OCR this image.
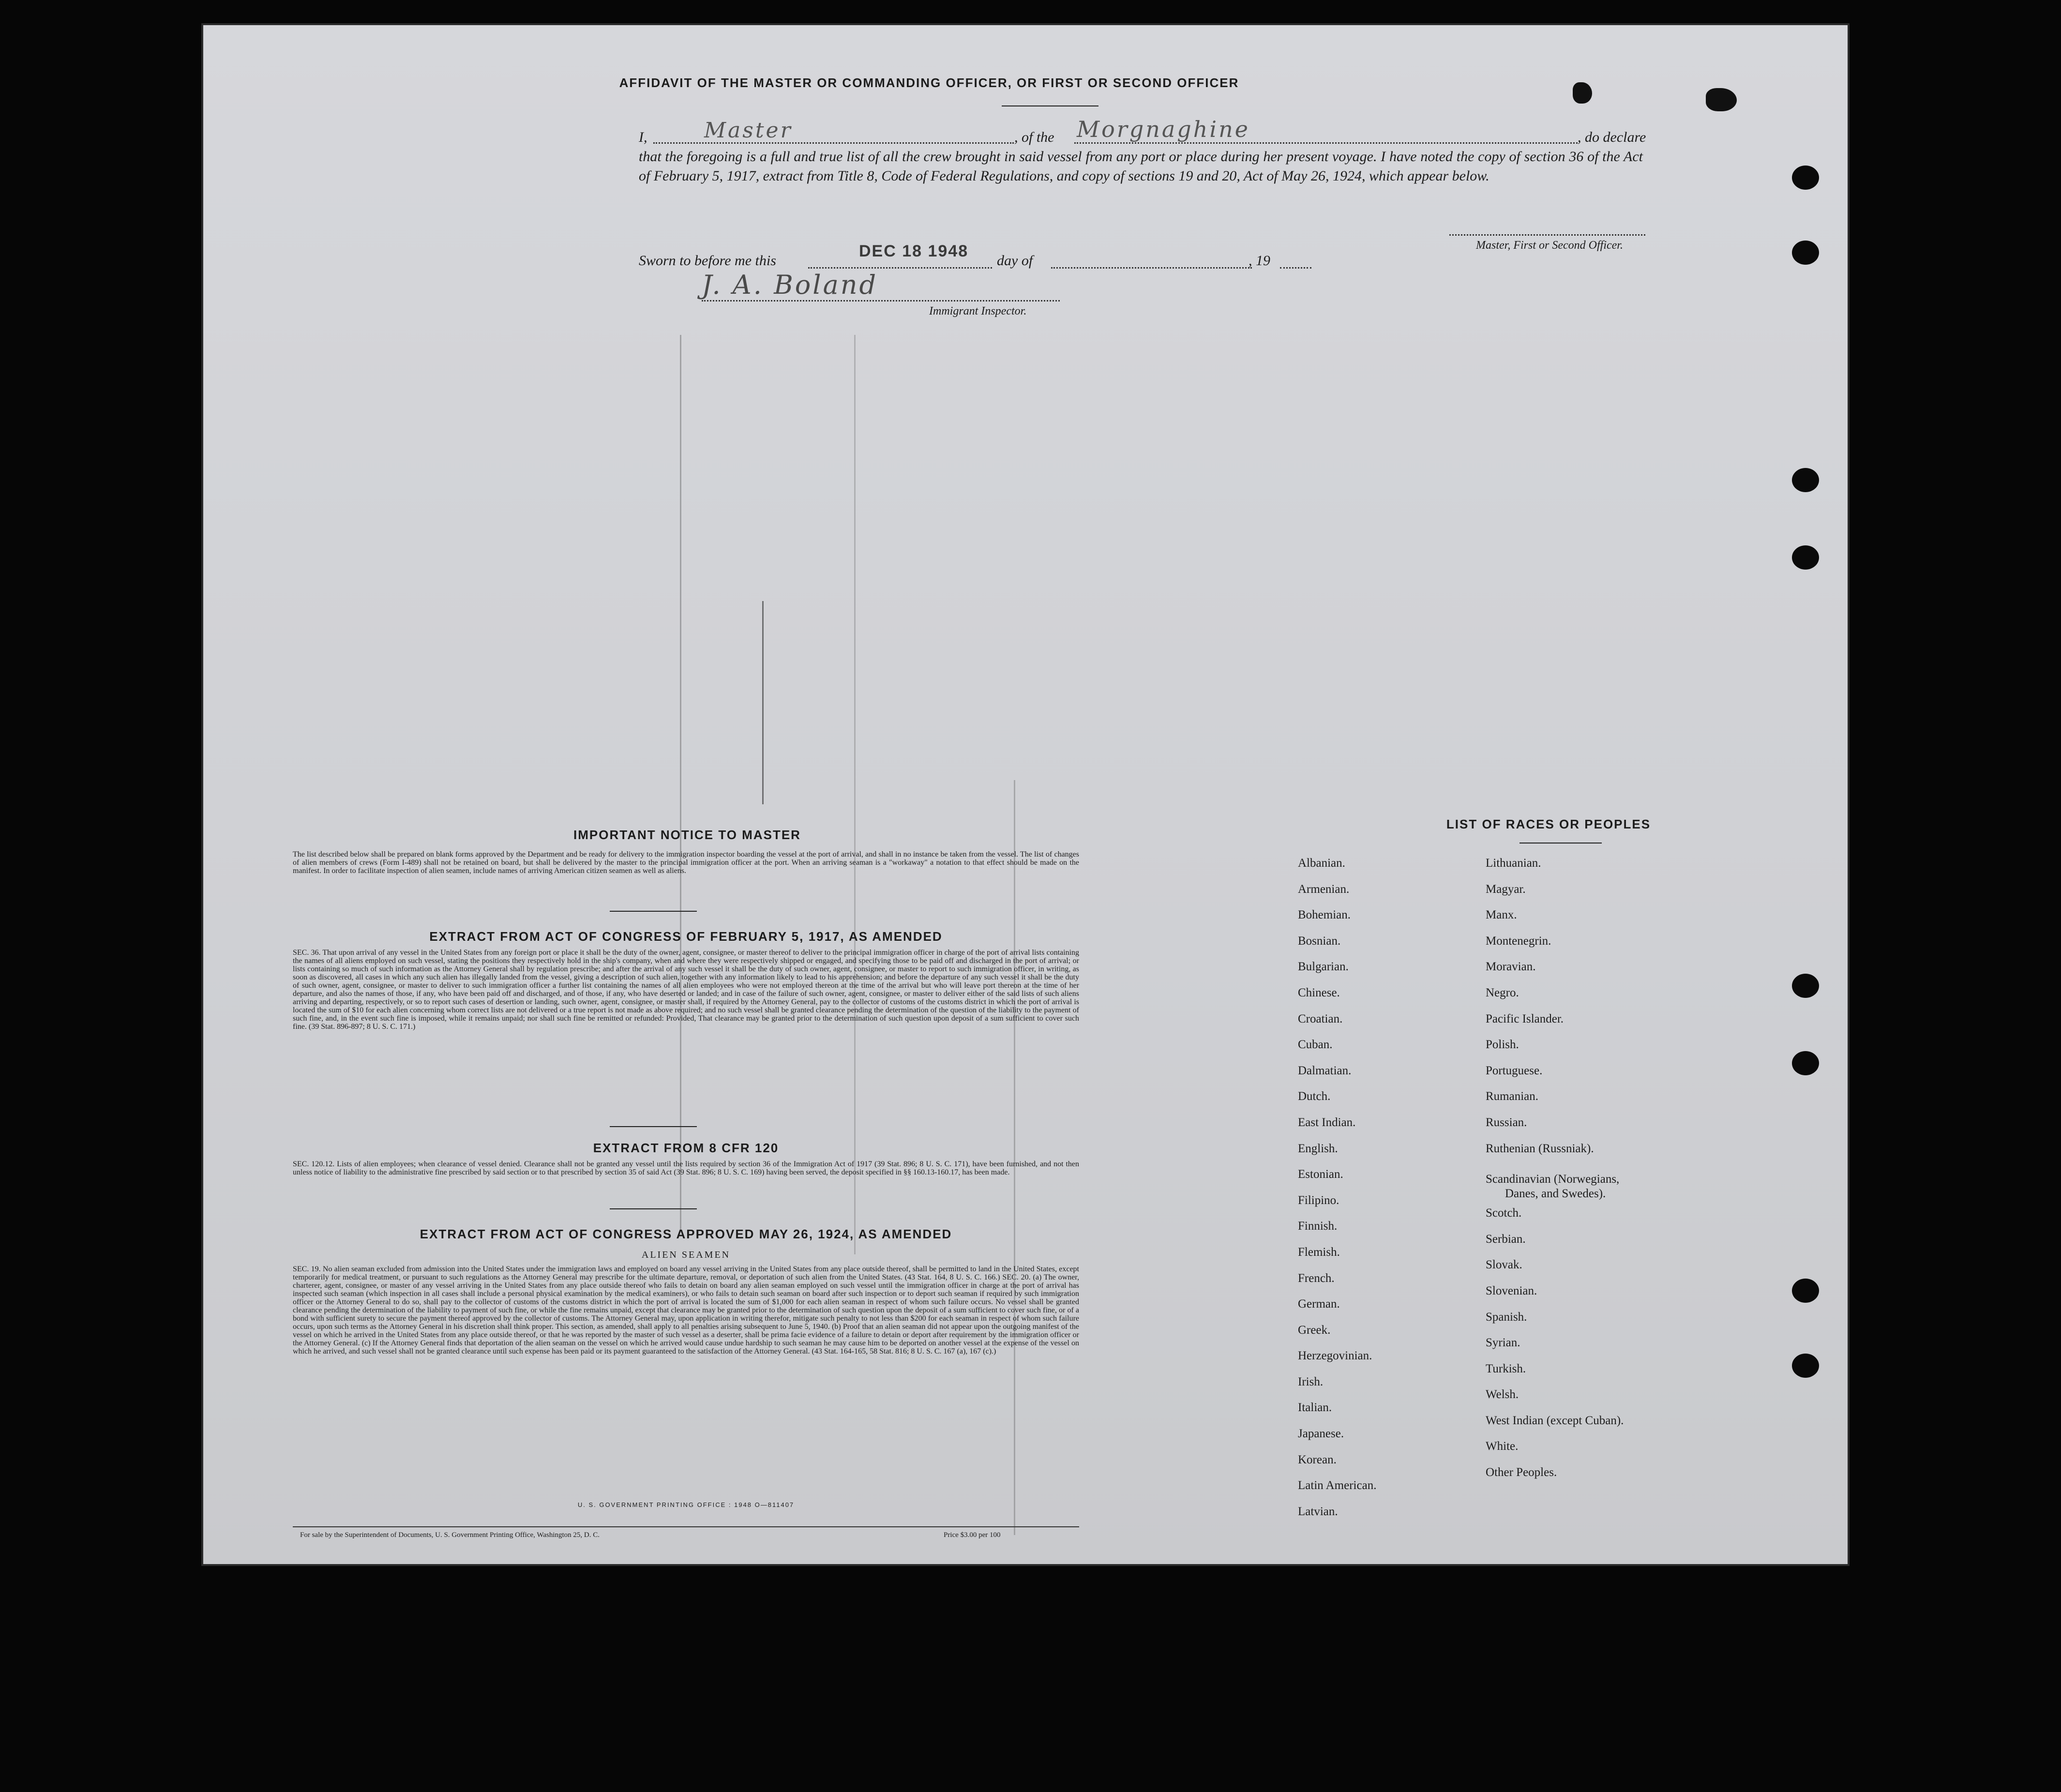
AFFIDAVIT OF THE MASTER OR COMMANDING OFFICER, OR FIRST OR SECOND OFFICER
I,	Master	, of the Morgnaghine	, do declare
that the foregoing is a full and true list of all the crew brought in said vessel from any port or place during her present voyage. I have noted the copy of section 36 of the Act of February 5, 1917, extract from Title 8, Code of Federal Regulations, and copy of sections 19 and 20, Act of May 26, 1924, which appear below.
Master, First or Second Officer.
Sworn to before me this
DEC 18 1948
day of	, 19
J. A. Boland
Immigrant Inspector.
IMPORTANT NOTICE TO MASTER
The list described below shall be prepared on blank forms approved by the Department and be ready for delivery to the immigration inspector boarding the vessel at the port of arrival, and shall in no instance be taken from the vessel. The list of changes of alien members of crews (Form I-489) shall not be retained on board, but shall be delivered by the master to the principal immigration officer at the port. When an arriving seaman is a "workaway" a notation to that effect should be made on the manifest. In order to facilitate inspection of alien seamen, include names of arriving American citizen seamen as well as aliens.
EXTRACT FROM ACT OF CONGRESS OF FEBRUARY 5, 1917, AS AMENDED
SEC. 36. That upon arrival of any vessel in the United States from any foreign port or place it shall be the duty of the owner, agent, consignee, or master thereof to deliver to the principal immigration officer in charge of the port of arrival lists containing the names of all aliens employed on such vessel, stating the positions they respectively hold in the ship's company, when and where they were respectively shipped or engaged, and specifying those to be paid off and discharged in the port of arrival; or lists containing so much of such information as the Attorney General shall by regulation prescribe; and after the arrival of any such vessel it shall be the duty of such owner, agent, consignee, or master to report to such immigration officer, in writing, as soon as discovered, all cases in which any such alien has illegally landed from the vessel, giving a description of such alien, together with any information likely to lead to his apprehension; and before the departure of any such vessel it shall be the duty of such owner, agent, consignee, or master to deliver to such immigration officer a further list containing the names of all alien employees who were not employed thereon at the time of the arrival but who will leave port thereon at the time of her departure, and also the names of those, if any, who have been paid off and discharged, and of those, if any, who have deserted or landed; and in case of the failure of such owner, agent, consignee, or master to deliver either of the said lists of such aliens arriving and departing, respectively, or so to report such cases of desertion or landing, such owner, agent, consignee, or master shall, if required by the Attorney General, pay to the collector of customs of the customs district in which the port of arrival is located the sum of $10 for each alien concerning whom correct lists are not delivered or a true report is not made as above required; and no such vessel shall be granted clearance pending the determination of the question of the liability to the payment of such fine, and, in the event such fine is imposed, while it remains unpaid; nor shall such fine be remitted or refunded: Provided, That clearance may be granted prior to the determination of such question upon deposit of a sum sufficient to cover such fine. (39 Stat. 896-897; 8 U. S. C. 171.)
EXTRACT FROM 8 CFR 120
SEC. 120.12. Lists of alien employees; when clearance of vessel denied. Clearance shall not be granted any vessel until the lists required by section 36 of the Immigration Act of 1917 (39 Stat. 896; 8 U. S. C. 171), have been furnished, and not then unless notice of liability to the administrative fine prescribed by said section or to that prescribed by section 35 of said Act (39 Stat. 896; 8 U. S. C. 169) having been served, the deposit specified in §§ 160.13-160.17, has been made.
EXTRACT FROM ACT OF CONGRESS APPROVED MAY 26, 1924, AS AMENDED
ALIEN SEAMEN
SEC. 19. No alien seaman excluded from admission into the United States under the immigration laws and employed on board any vessel arriving in the United States from any place outside thereof, shall be permitted to land in the United States, except temporarily for medical treatment, or pursuant to such regulations as the Attorney General may prescribe for the ultimate departure, removal, or deportation of such alien from the United States. (43 Stat. 164, 8 U. S. C. 166.) SEC. 20. (a) The owner, charterer, agent, consignee, or master of any vessel arriving in the United States from any place outside thereof who fails to detain on board any alien seaman employed on such vessel until the immigration officer in charge at the port of arrival has inspected such seaman (which inspection in all cases shall include a personal physical examination by the medical examiners), or who fails to detain such seaman on board after such inspection or to deport such seaman if required by such immigration officer or the Attorney General to do so, shall pay to the collector of customs of the customs district in which the port of arrival is located the sum of $1,000 for each alien seaman in respect of whom such failure occurs. No vessel shall be granted clearance pending the determination of the liability to payment of such fine, or while the fine remains unpaid, except that clearance may be granted prior to the determination of such question upon the deposit of a sum sufficient to cover such fine, or of a bond with sufficient surety to secure the payment thereof approved by the collector of customs. The Attorney General may, upon application in writing therefor, mitigate such penalty to not less than $200 for each seaman in respect of whom such failure occurs, upon such terms as the Attorney General in his discretion shall think proper. This section, as amended, shall apply to all penalties arising subsequent to June 5, 1940. (b) Proof that an alien seaman did not appear upon the outgoing manifest of the vessel on which he arrived in the United States from any place outside thereof, or that he was reported by the master of such vessel as a deserter, shall be prima facie evidence of a failure to detain or deport after requirement by the immigration officer or the Attorney General. (c) If the Attorney General finds that deportation of the alien seaman on the vessel on which he arrived would cause undue hardship to such seaman he may cause him to be deported on another vessel at the expense of the vessel on which he arrived, and such vessel shall not be granted clearance until such expense has been paid or its payment guaranteed to the satisfaction of the Attorney General. (43 Stat. 164-165, 58 Stat. 816; 8 U. S. C. 167 (a), 167 (c).)
U. S. GOVERNMENT PRINTING OFFICE : 1948 O—811407
For sale by the Superintendent of Documents, U. S. Government Printing Office, Washington 25, D. C.	Price $3.00 per 100
LIST OF RACES OR PEOPLES
Albanian.
Armenian.
Bohemian.
Bosnian.
Bulgarian.
Chinese.
Croatian.
Cuban.
Dalmatian.
Dutch.
East Indian.
English.
Estonian.
Filipino.
Finnish.
Flemish.
French.
German.
Greek.
Herzegovinian.
Irish.
Italian.
Japanese.
Korean.
Latin American.
Latvian.
Lithuanian.
Magyar.
Manx.
Montenegrin.
Moravian.
Negro.
Pacific Islander.
Polish.
Portuguese.
Rumanian.
Russian.
Ruthenian (Russniak).
Scandinavian (Norwegians,
Danes, and Swedes).
Scotch.
Serbian.
Slovak.
Slovenian.
Spanish.
Syrian.
Turkish.
Welsh.
West Indian (except Cuban).
White.
Other Peoples.
